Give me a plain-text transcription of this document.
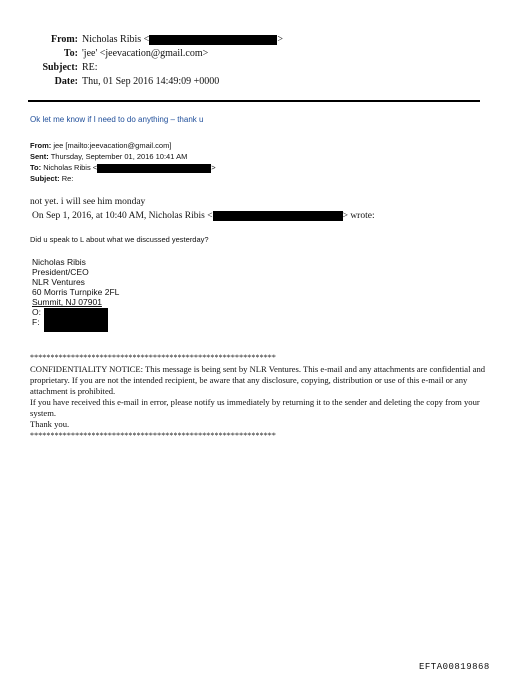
From: Nicholas Ribis <	>
To: 'jee' <jeevacation@gmail.com>
Subject: RE:
Date: Thu, 01 Sep 2016 14:49:09 +0000
Ok let me know if I need to do anything – thank u
From: jee [mailto:jeevacation@gmail.com]
Sent: Thursday, September 01, 2016 10:41 AM
To: Nicholas Ribis <	>
Subject: Re:
not yet. i will see him monday
On Sep 1, 2016, at 10:40 AM, Nicholas Ribis <	> wrote:
Did u speak to L about what we discussed yesterday?
Nicholas Ribis
President/CEO
NLR Ventures
60 Morris Turnpike 2FL
Summit, NJ 07901
O:
F:
************************************************************
CONFIDENTIALITY NOTICE: This message is being sent by NLR Ventures. This e-mail and any attachments are confidential and proprietary. If you are not the intended recipient, be aware that any disclosure, copying, distribution or use of this e-mail or any attachment is prohibited.
If you have received this e-mail in error, please notify us immediately by returning it to the sender and deleting the copy from your system.
Thank you.
************************************************************
EFTA00819868
